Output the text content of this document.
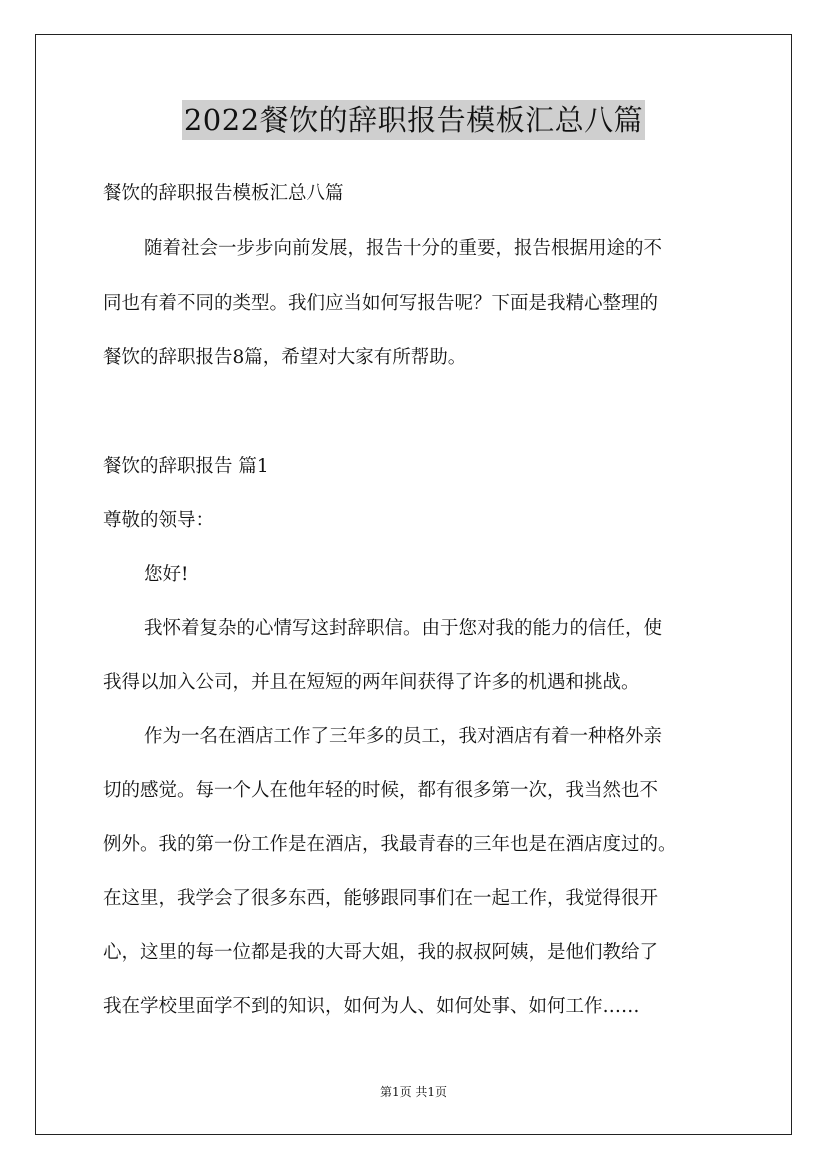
2022餐饮的辞职报告模板汇总八篇
餐饮的辞职报告模板汇总八篇
随着社会一步步向前发展，报告十分的重要，报告根据用途的不
同也有着不同的类型。我们应当如何写报告呢？下面是我精心整理的
餐饮的辞职报告8篇，希望对大家有所帮助。
餐饮的辞职报告 篇1
尊敬的领导：
您好!
我怀着复杂的心情写这封辞职信。由于您对我的能力的信任，使
我得以加入公司，并且在短短的两年间获得了许多的机遇和挑战。
作为一名在酒店工作了三年多的员工，我对酒店有着一种格外亲
切的感觉。每一个人在他年轻的时候，都有很多第一次，我当然也不
例外。我的第一份工作是在酒店，我最青春的三年也是在酒店度过的。
在这里，我学会了很多东西，能够跟同事们在一起工作，我觉得很开
心，这里的每一位都是我的大哥大姐，我的叔叔阿姨，是他们教给了
我在学校里面学不到的知识，如何为人、如何处事、如何工作……
第1页 共1页
